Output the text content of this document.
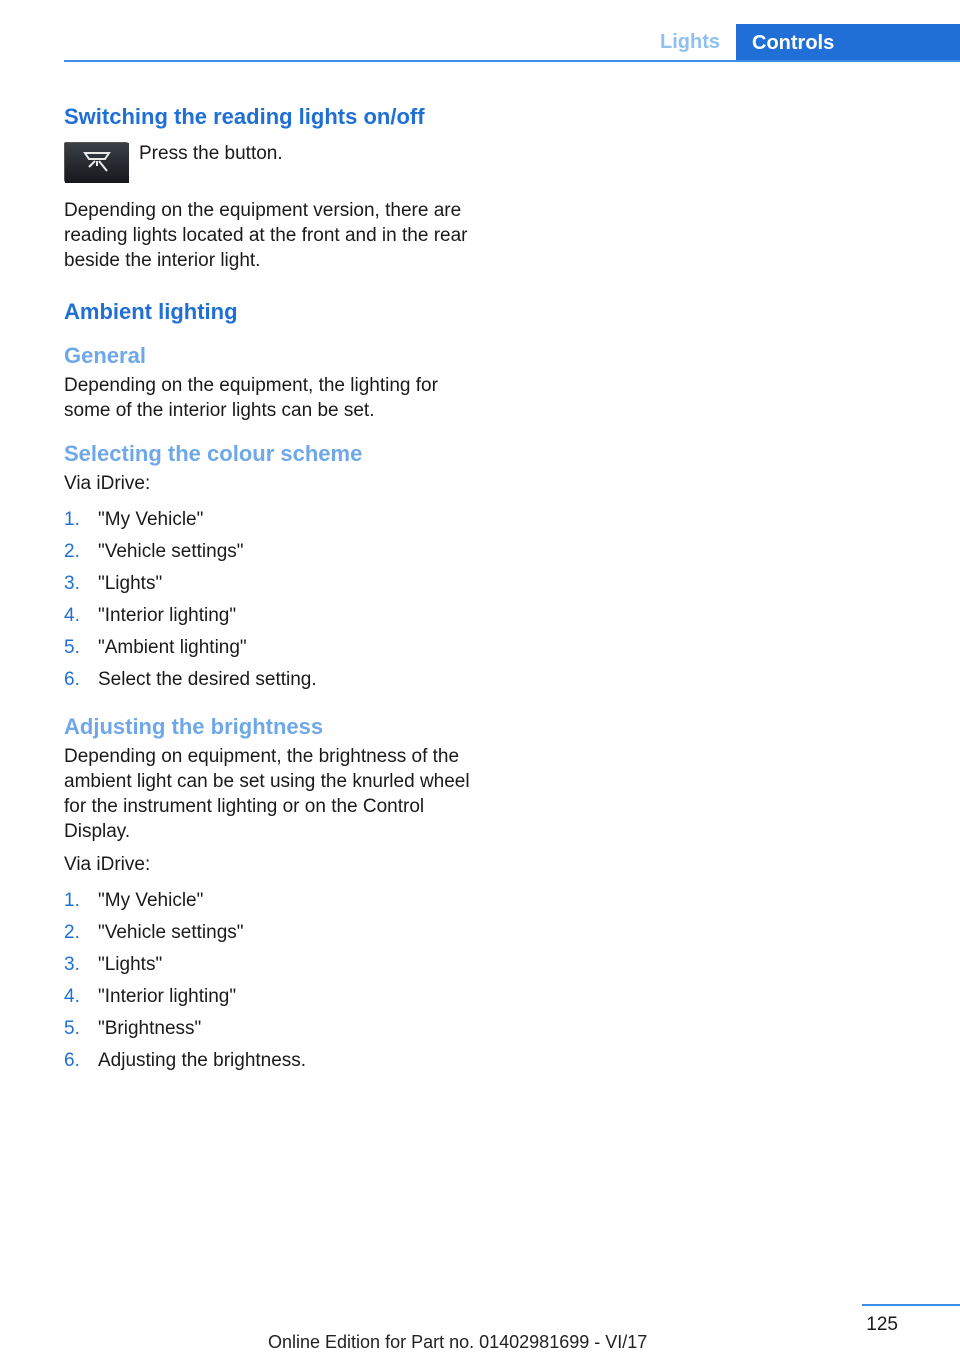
Lights	Controls
Switching the reading lights on/off
Press the button.

Depending on the equipment version, there are reading lights located at the front and in the rear beside the interior light.

Ambient lighting
General

Depending on the equipment, the lighting for some of the interior lights can be set.

Selecting the colour scheme

Via iDrive:

1. "My Vehicle"
2. "Vehicle settings"
3. "Lights"
4. "Interior lighting"
5. "Ambient lighting"
6. Select the desired setting.
Adjusting the brightness

Depending on equipment, the brightness of the ambient light can be set using the knurled wheel for the instrument lighting or on the Control Display.

Via iDrive:

1. "My Vehicle"
2. "Vehicle settings"
3. "Lights"
4. "Interior lighting"
5. "Brightness"
6. Adjusting the brightness.
125
Online Edition for Part no. 01402981699 - VI/17
